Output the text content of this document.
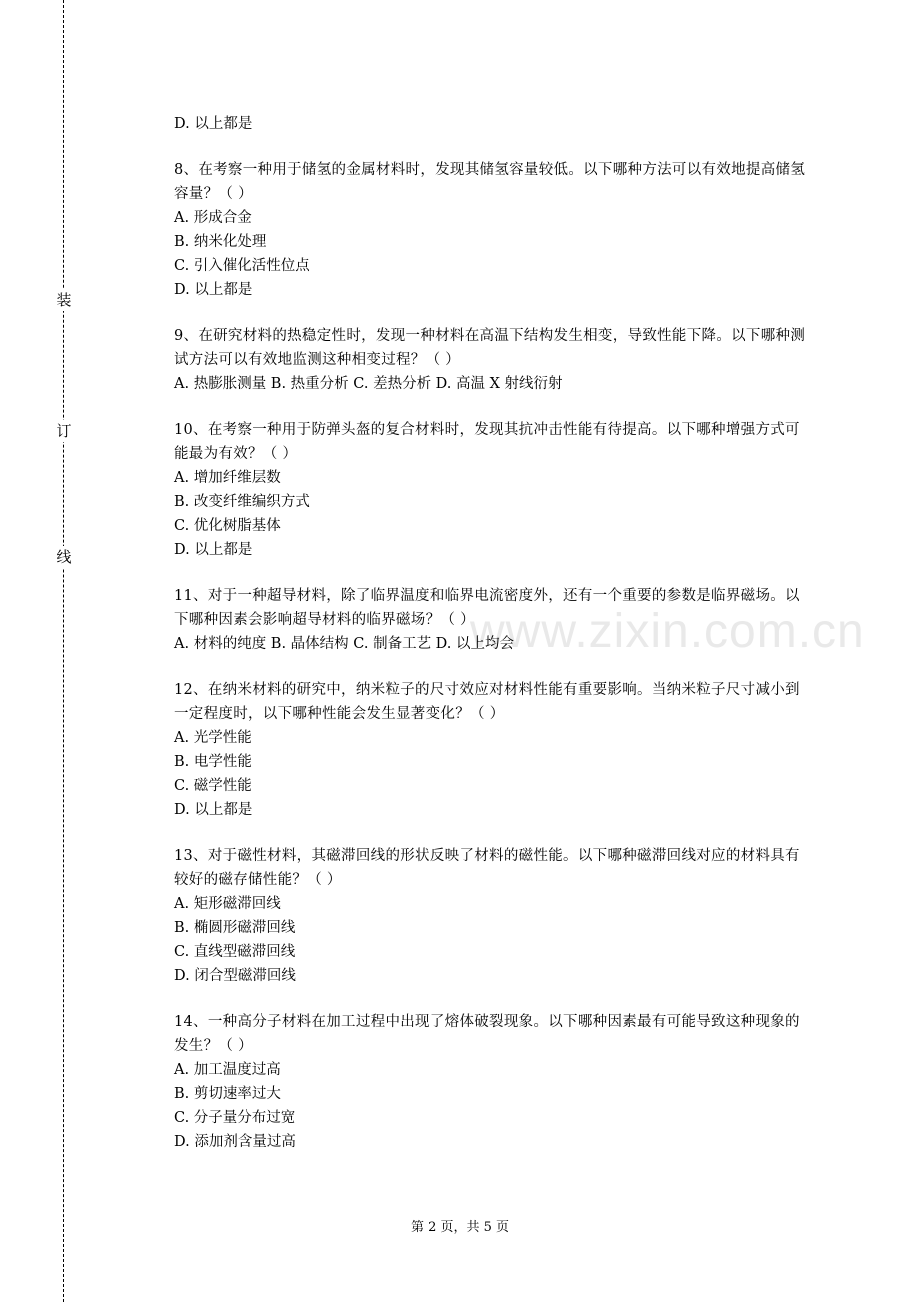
装
订
线
www.zixin.com.cn
D. 以上都是
8、在考察一种用于储氢的金属材料时，发现其储氢容量较低。以下哪种方法可以有效地提高储氢容量？（ ）
A. 形成合金
B. 纳米化处理
C. 引入催化活性位点
D. 以上都是
9、在研究材料的热稳定性时，发现一种材料在高温下结构发生相变，导致性能下降。以下哪种测试方法可以有效地监测这种相变过程？（ ）
A. 热膨胀测量 B. 热重分析 C. 差热分析 D. 高温 X 射线衍射
10、在考察一种用于防弹头盔的复合材料时，发现其抗冲击性能有待提高。以下哪种增强方式可能最为有效？（ ）
A. 增加纤维层数
B. 改变纤维编织方式
C. 优化树脂基体
D. 以上都是
11、对于一种超导材料，除了临界温度和临界电流密度外，还有一个重要的参数是临界磁场。以下哪种因素会影响超导材料的临界磁场？（ ）
A. 材料的纯度 B. 晶体结构 C. 制备工艺 D. 以上均会
12、在纳米材料的研究中，纳米粒子的尺寸效应对材料性能有重要影响。当纳米粒子尺寸减小到一定程度时，以下哪种性能会发生显著变化？（ ）
A. 光学性能
B. 电学性能
C. 磁学性能
D. 以上都是
13、对于磁性材料，其磁滞回线的形状反映了材料的磁性能。以下哪种磁滞回线对应的材料具有较好的磁存储性能？（ ）
A. 矩形磁滞回线
B. 椭圆形磁滞回线
C. 直线型磁滞回线
D. 闭合型磁滞回线
14、一种高分子材料在加工过程中出现了熔体破裂现象。以下哪种因素最有可能导致这种现象的发生？（ ）
A. 加工温度过高
B. 剪切速率过大
C. 分子量分布过宽
D. 添加剂含量过高
第 2 页，共 5 页
